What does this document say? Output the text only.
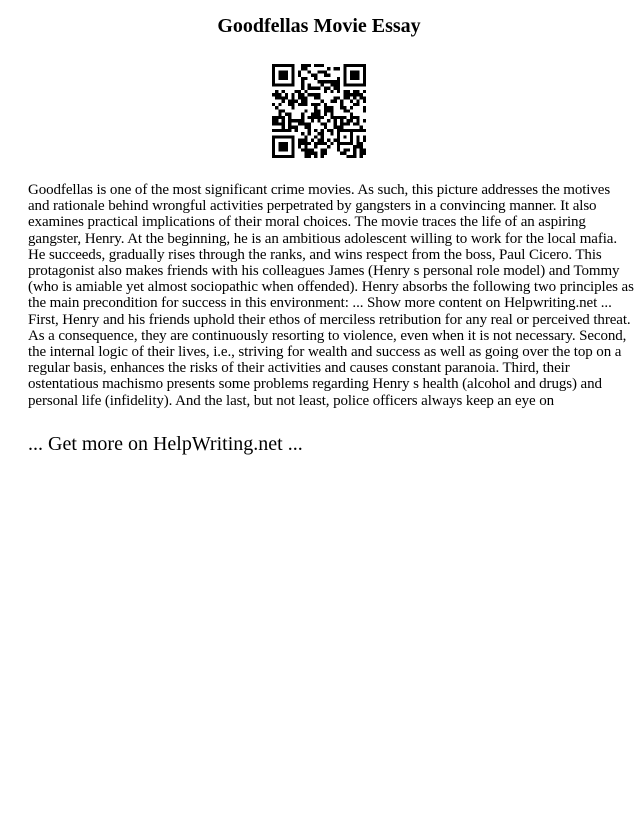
Goodfellas Movie Essay
Goodfellas is one of the most significant crime movies. As such, this picture addresses the motives
and rationale behind wrongful activities perpetrated by gangsters in a convincing manner. It also
examines practical implications of their moral choices. The movie traces the life of an aspiring
gangster, Henry. At the beginning, he is an ambitious adolescent willing to work for the local mafia.
He succeeds, gradually rises through the ranks, and wins respect from the boss, Paul Cicero. This
protagonist also makes friends with his colleagues James (Henry s personal role model) and Tommy
(who is amiable yet almost sociopathic when offended). Henry absorbs the following two principles as
the main precondition for success in this environment: ... Show more content on Helpwriting.net ...
First, Henry and his friends uphold their ethos of merciless retribution for any real or perceived threat.
As a consequence, they are continuously resorting to violence, even when it is not necessary. Second,
the internal logic of their lives, i.e., striving for wealth and success as well as going over the top on a
regular basis, enhances the risks of their activities and causes constant paranoia. Third, their
ostentatious machismo presents some problems regarding Henry s health (alcohol and drugs) and
personal life (infidelity). And the last, but not least, police officers always keep an eye on
... Get more on HelpWriting.net ...
